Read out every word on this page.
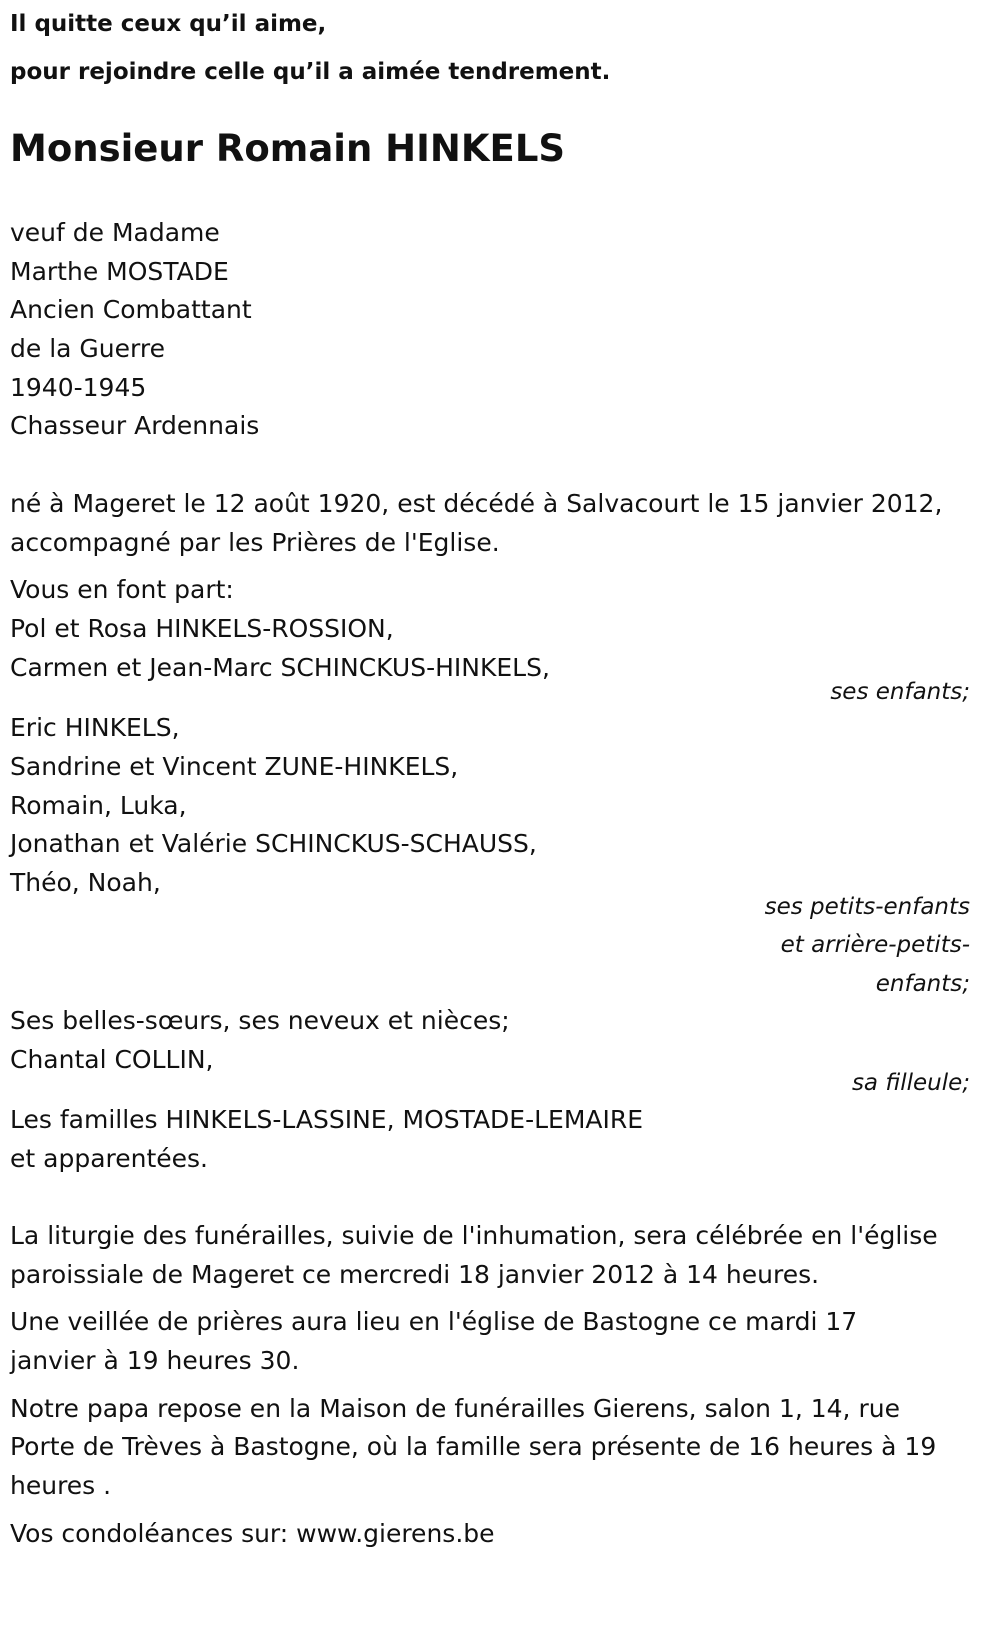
Il quitte ceux qu’il aime,
pour rejoindre celle qu’il a aimée tendrement.
Monsieur Romain HINKELS
veuf de Madame
Marthe MOSTADE
Ancien Combattant
de la Guerre
1940-1945
Chasseur Ardennais
né à Mageret le 12 août 1920, est décédé à Salvacourt le 15 janvier 2012,
accompagné par les Prières de l'Eglise.
Vous en font part:
Pol et Rosa HINKELS-ROSSION,
Carmen et Jean-Marc SCHINCKUS-HINKELS,
ses enfants;
Eric HINKELS,
Sandrine et Vincent ZUNE-HINKELS,
Romain, Luka,
Jonathan et Valérie SCHINCKUS-SCHAUSS,
Théo, Noah,
ses petits-enfants
et arrière-petits-
enfants;
Ses belles-sœurs, ses neveux et nièces;
Chantal COLLIN,
sa filleule;
Les familles HINKELS-LASSINE, MOSTADE-LEMAIRE
et apparentées.
La liturgie des funérailles, suivie de l'inhumation, sera célébrée en l'église
paroissiale de Mageret ce mercredi 18 janvier 2012 à 14 heures.
Une veillée de prières aura lieu en l'église de Bastogne ce mardi 17
janvier à 19 heures 30.
Notre papa repose en la Maison de funérailles Gierens, salon 1, 14, rue
Porte de Trèves à Bastogne, où la famille sera présente de 16 heures à 19
heures .
Vos condoléances sur: www.gierens.be
